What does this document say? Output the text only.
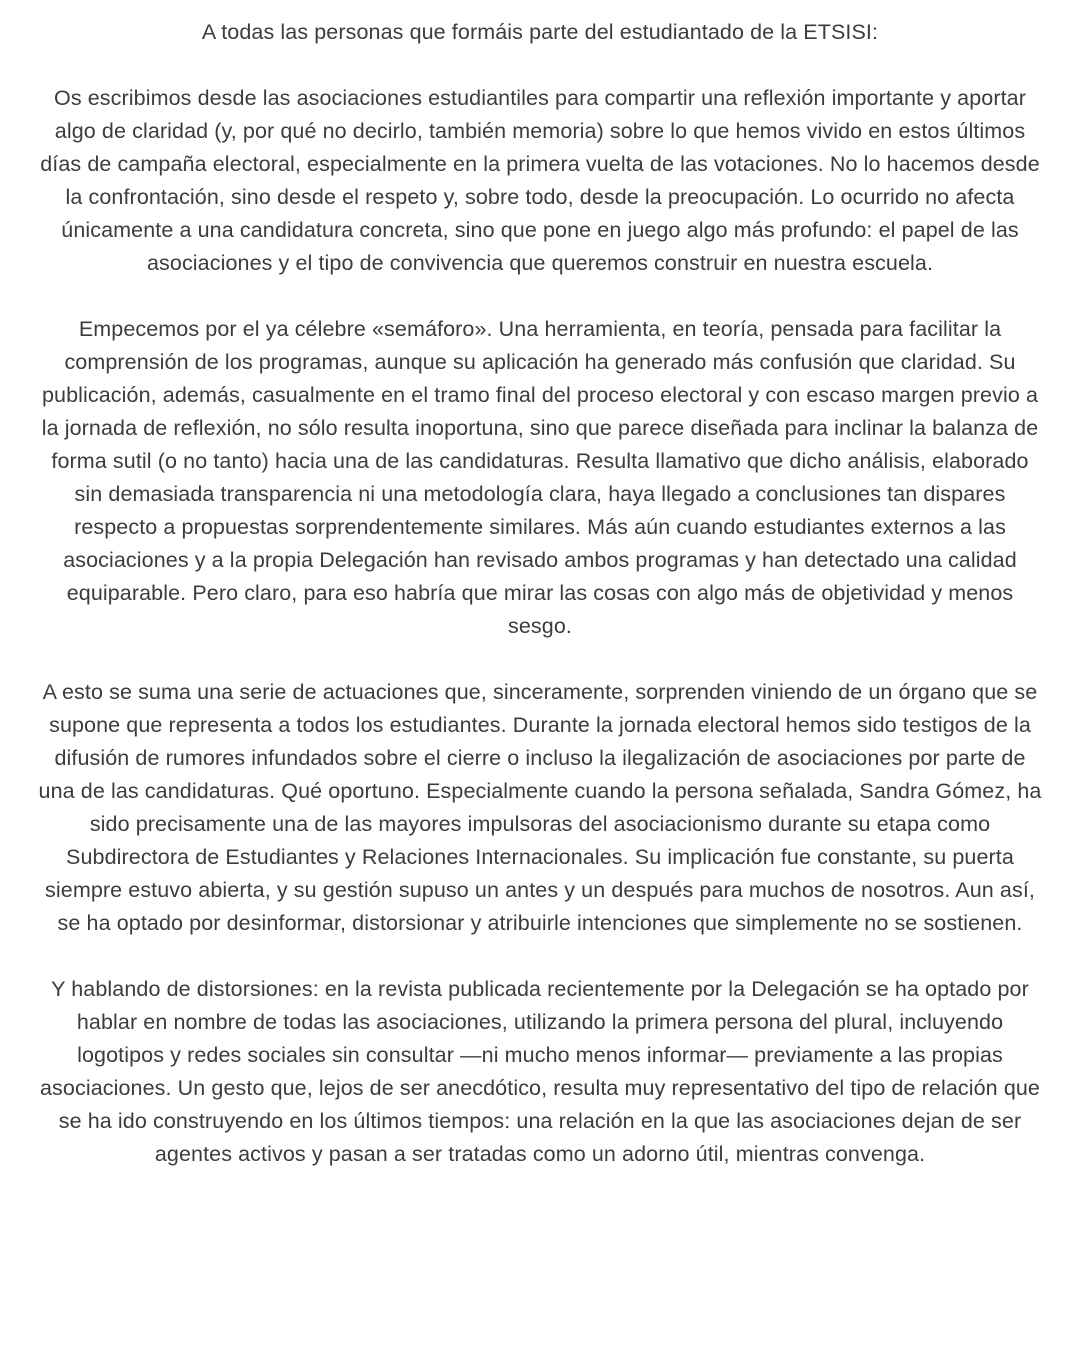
A todas las personas que formáis parte del estudiantado de la ETSISI:

Os escribimos desde las asociaciones estudiantiles para compartir una reflexión importante y aportar algo de claridad (y, por qué no decirlo, también memoria) sobre lo que hemos vivido en estos últimos días de campaña electoral, especialmente en la primera vuelta de las votaciones. No lo hacemos desde la confrontación, sino desde el respeto y, sobre todo, desde la preocupación. Lo ocurrido no afecta únicamente a una candidatura concreta, sino que pone en juego algo más profundo: el papel de las asociaciones y el tipo de convivencia que queremos construir en nuestra escuela.

Empecemos por el ya célebre «semáforo». Una herramienta, en teoría, pensada para facilitar la comprensión de los programas, aunque su aplicación ha generado más confusión que claridad. Su publicación, además, casualmente en el tramo final del proceso electoral y con escaso margen previo a la jornada de reflexión, no sólo resulta inoportuna, sino que parece diseñada para inclinar la balanza de forma sutil (o no tanto) hacia una de las candidaturas. Resulta llamativo que dicho análisis, elaborado sin demasiada transparencia ni una metodología clara, haya llegado a conclusiones tan dispares respecto a propuestas sorprendentemente similares. Más aún cuando estudiantes externos a las asociaciones y a la propia Delegación han revisado ambos programas y han detectado una calidad equiparable. Pero claro, para eso habría que mirar las cosas con algo más de objetividad y menos sesgo.

A esto se suma una serie de actuaciones que, sinceramente, sorprenden viniendo de un órgano que se supone que representa a todos los estudiantes. Durante la jornada electoral hemos sido testigos de la difusión de rumores infundados sobre el cierre o incluso la ilegalización de asociaciones por parte de una de las candidaturas. Qué oportuno. Especialmente cuando la persona señalada, Sandra Gómez, ha sido precisamente una de las mayores impulsoras del asociacionismo durante su etapa como Subdirectora de Estudiantes y Relaciones Internacionales. Su implicación fue constante, su puerta siempre estuvo abierta, y su gestión supuso un antes y un después para muchos de nosotros. Aun así, se ha optado por desinformar, distorsionar y atribuirle intenciones que simplemente no se sostienen.

Y hablando de distorsiones: en la revista publicada recientemente por la Delegación se ha optado por hablar en nombre de todas las asociaciones, utilizando la primera persona del plural, incluyendo logotipos y redes sociales sin consultar —ni mucho menos informar— previamente a las propias asociaciones. Un gesto que, lejos de ser anecdótico, resulta muy representativo del tipo de relación que se ha ido construyendo en los últimos tiempos: una relación en la que las asociaciones dejan de ser agentes activos y pasan a ser tratadas como un adorno útil, mientras convenga.
